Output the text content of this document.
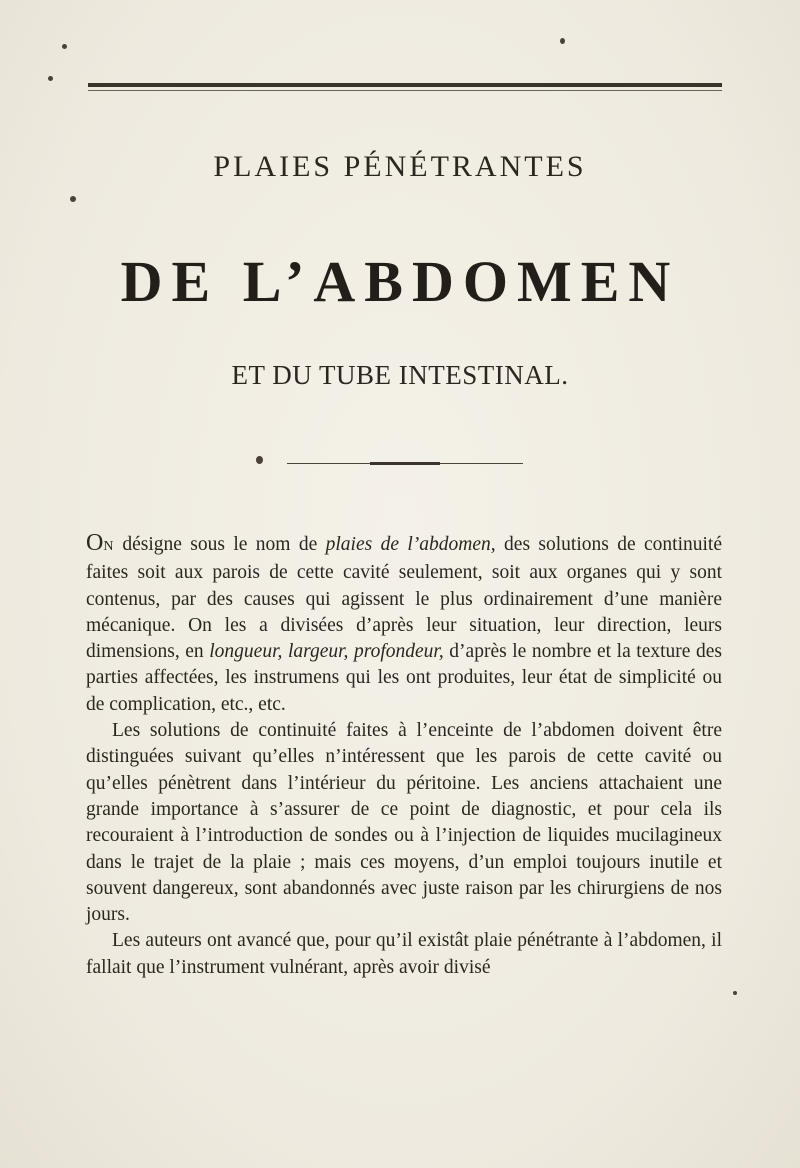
PLAIES PÉNÉTRANTES
DE L’ABDOMEN
ET DU TUBE INTESTINAL.

ON désigne sous le nom de plaies de l’abdomen, des solutions de continuité faites soit aux parois de cette cavité seulement, soit aux organes qui y sont contenus, par des causes qui agissent le plus ordinairement d’une manière mécanique. On les a divisées d’après leur situation, leur direction, leurs dimensions, en longueur, largeur, profondeur, d’après le nombre et la texture des parties affectées, les instrumens qui les ont produites, leur état de simplicité ou de complication, etc., etc.

Les solutions de continuité faites à l’enceinte de l’abdomen doivent être distinguées suivant qu’elles n’intéressent que les parois de cette cavité ou qu’elles pénètrent dans l’intérieur du péritoine. Les anciens attachaient une grande importance à s’assurer de ce point de diagnostic, et pour cela ils recouraient à l’introduction de sondes ou à l’injection de liquides mucilagineux dans le trajet de la plaie ; mais ces moyens, d’un emploi toujours inutile et souvent dangereux, sont abandonnés avec juste raison par les chirurgiens de nos jours.

Les auteurs ont avancé que, pour qu’il existât plaie pénétrante à l’abdomen, il fallait que l’instrument vulnérant, après avoir divisé
